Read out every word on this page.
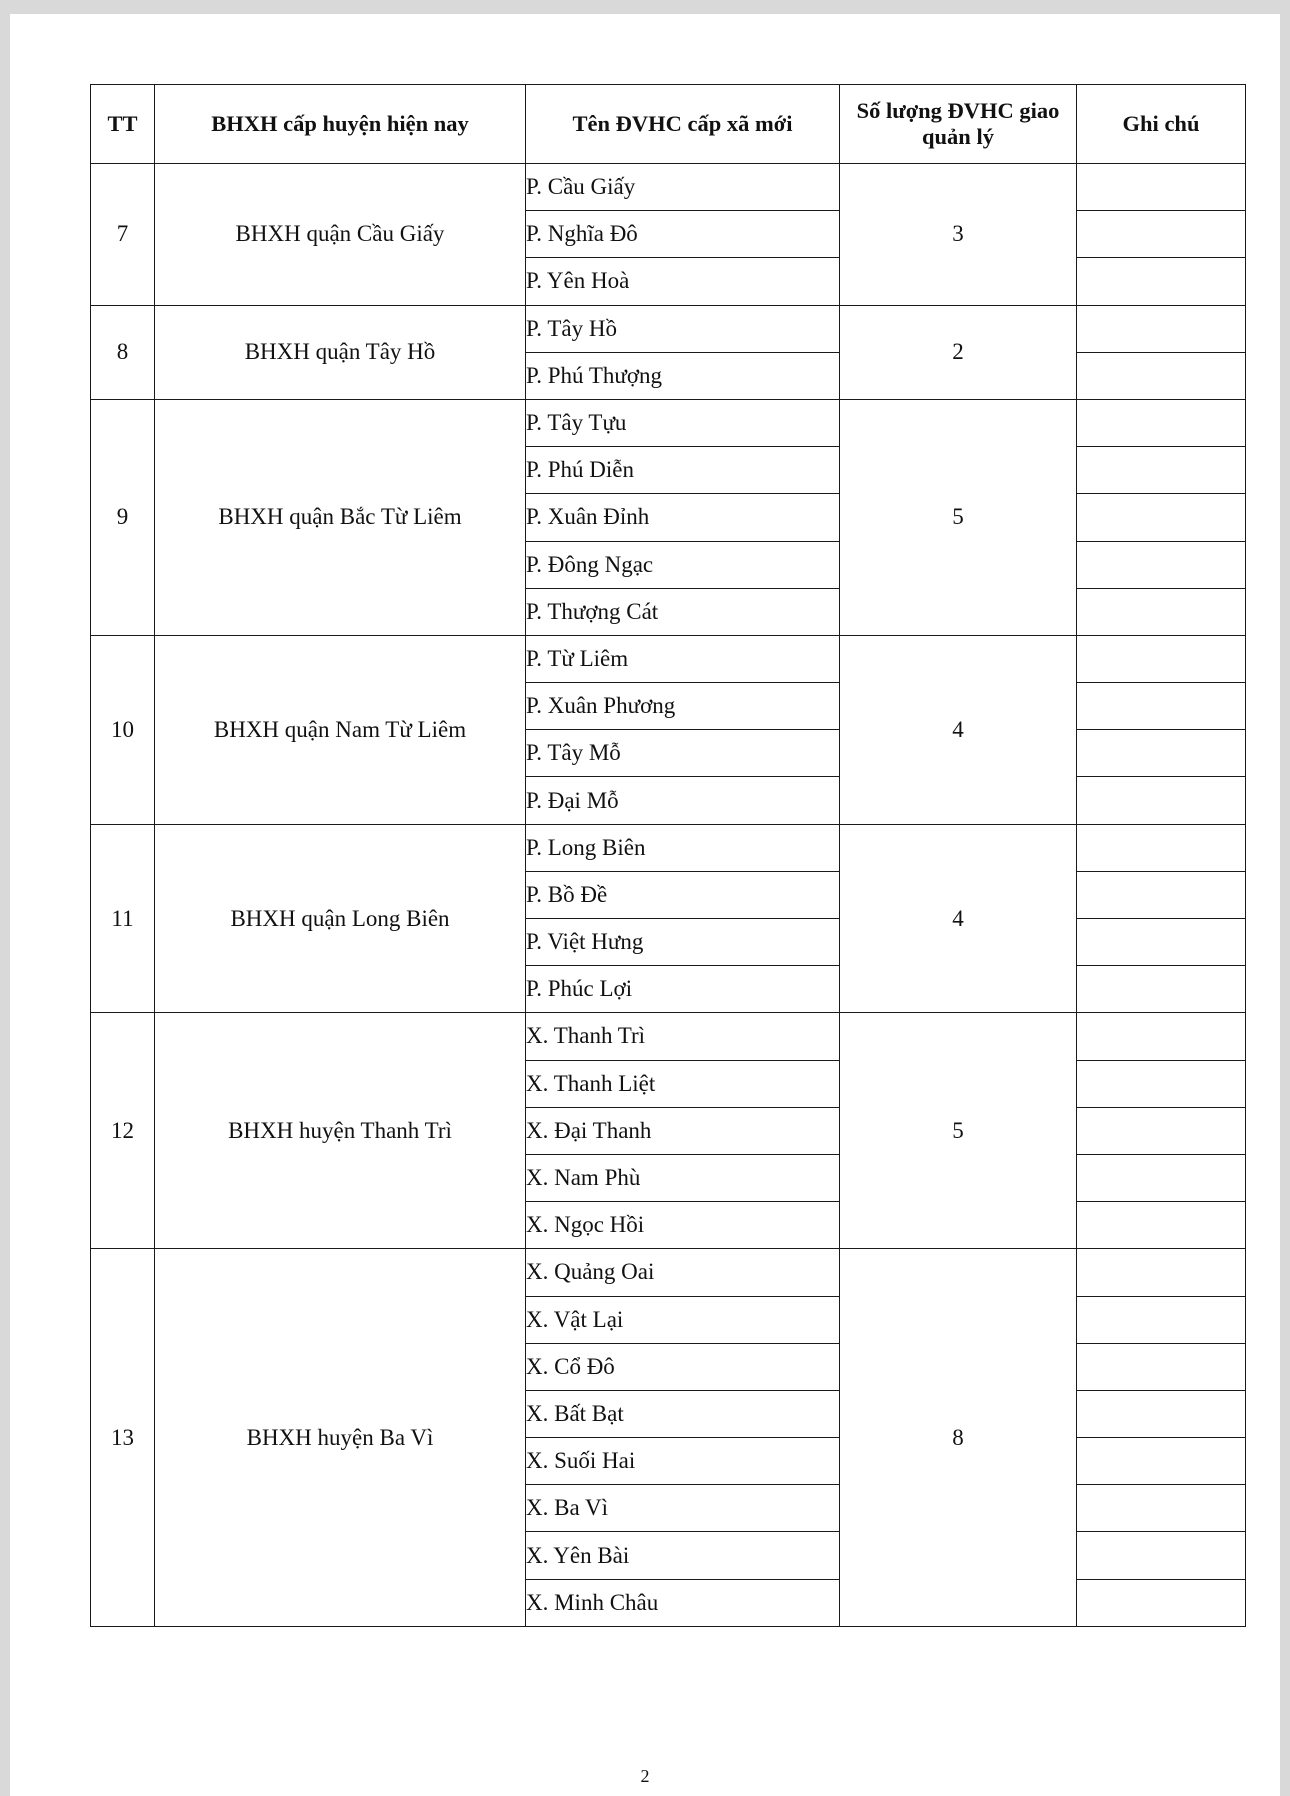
TT	BHXH cấp huyện hiện nay	Tên ĐVHC cấp xã mới	Số lượng ĐVHC giao quản lý	Ghi chú
7	BHXH quận Cầu Giấy	P. Cầu Giấy	3	
		P. Nghĩa Đô		
		P. Yên Hoà		
8	BHXH quận Tây Hồ	P. Tây Hồ	2	
		P. Phú Thượng		
9	BHXH quận Bắc Từ Liêm	P. Tây Tựu	5	
		P. Phú Diễn		
		P. Xuân Đỉnh		
		P. Đông Ngạc		
		P. Thượng Cát		
10	BHXH quận Nam Từ Liêm	P. Từ Liêm	4	
		P. Xuân Phương		
		P. Tây Mỗ		
		P. Đại Mỗ		
11	BHXH quận Long Biên	P. Long Biên	4	
		P. Bồ Đề		
		P. Việt Hưng		
		P. Phúc Lợi		
12	BHXH huyện Thanh Trì	X. Thanh Trì	5	
		X. Thanh Liệt		
		X. Đại Thanh		
		X. Nam Phù		
		X. Ngọc Hồi		
13	BHXH huyện Ba Vì	X. Quảng Oai	8	
		X. Vật Lại		
		X. Cổ Đô		
		X. Bất Bạt		
		X. Suối Hai		
		X. Ba Vì		
		X. Yên Bài		
		X. Minh Châu		
2
